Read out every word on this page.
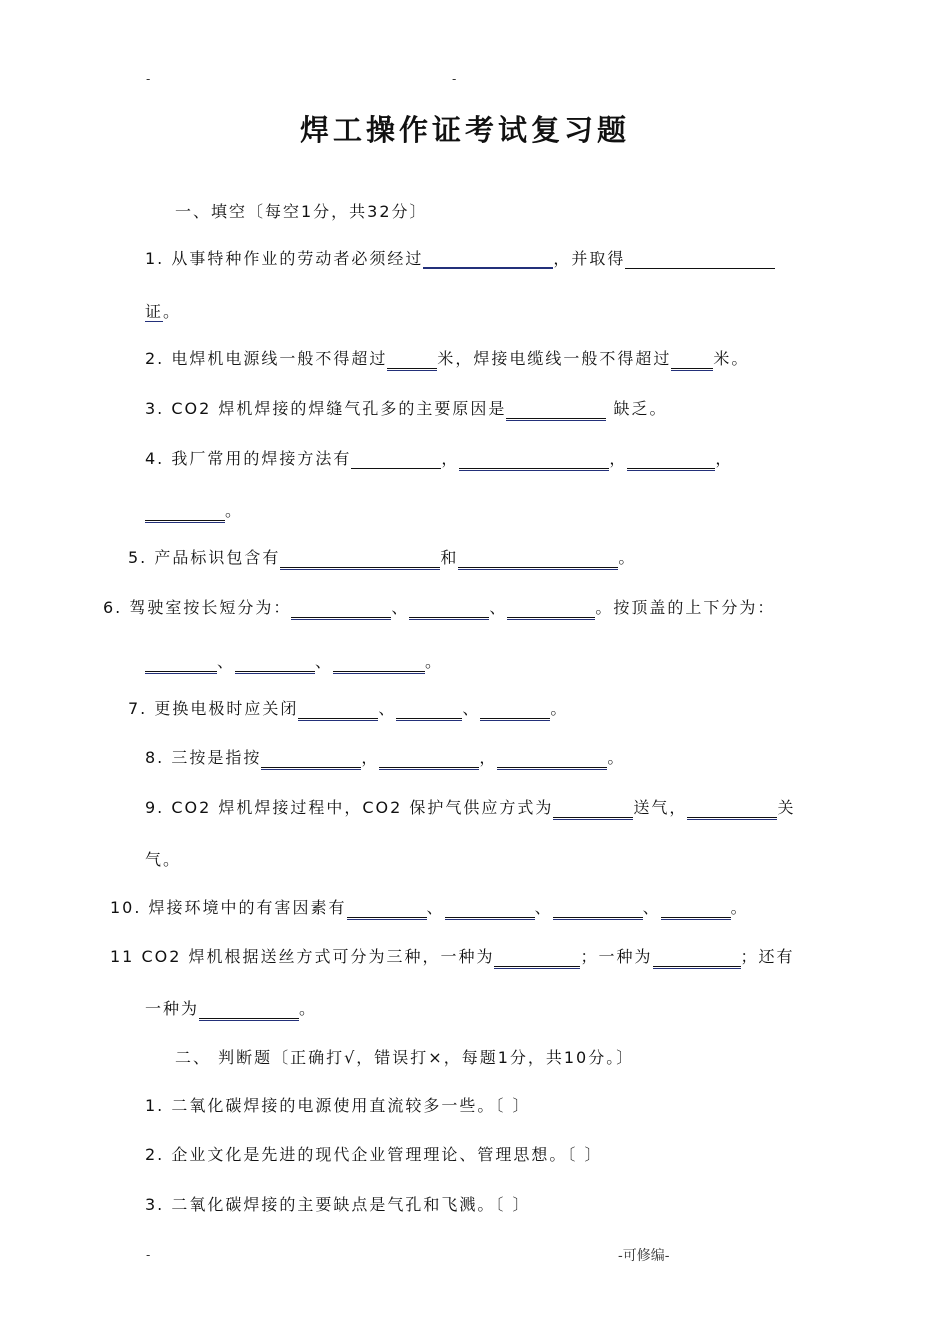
-	-
焊工操作证考试复习题
一、填空〔每空1分，共32分〕
1. 从事特种作业的劳动者必须经过	，并取得
证。
2. 电焊机电源线一般不得超过	米，焊接电缆线一般不得超过	米。
3. CO2 焊机焊接的焊缝气孔多的主要原因是	缺乏。
4. 我厂常用的焊接方法有	，	，	，
。
5. 产品标识包含有	和	。
6. 驾驶室按长短分为：	、	、	。按顶盖的上下分为：
、	、	。
7. 更换电极时应关闭	、	、	。
8. 三按是指按	，	，	。
9. CO2 焊机焊接过程中，CO2 保护气供应方式为	送气，	关
气。
10. 焊接环境中的有害因素有	、	、	、	。
11 CO2 焊机根据送丝方式可分为三种，一种为	；一种为	；还有
一种为	。
二、 判断题〔正确打√，错误打×，每题1分，共10分。〕
1. 二氧化碳焊接的电源使用直流较多一些。〔 〕
2. 企业文化是先进的现代企业管理理论、管理思想。〔 〕
3. 二氧化碳焊接的主要缺点是气孔和飞溅。〔 〕
-	-可修编-
